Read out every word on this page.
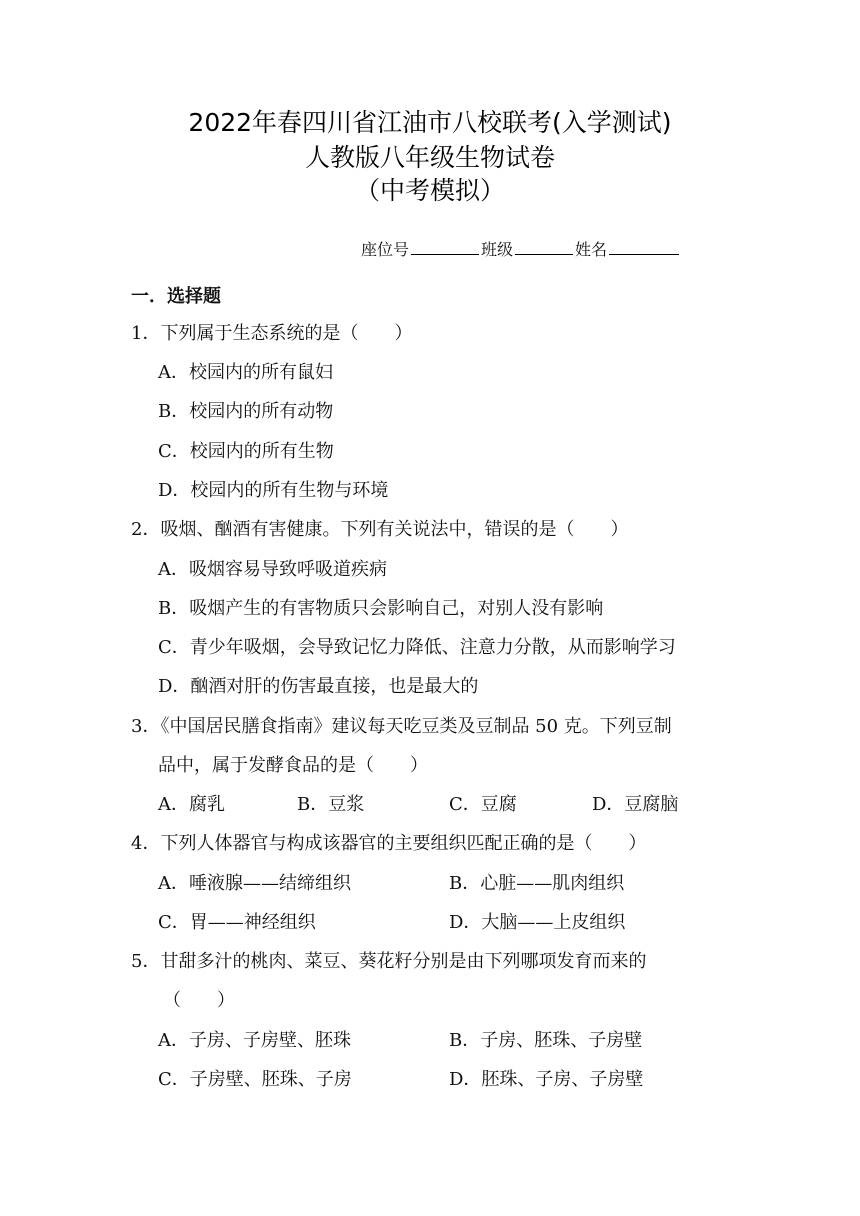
2022年春四川省江油市八校联考(入学测试)
人教版八年级生物试卷
（中考模拟）
座位号	班级	姓名
一．选择题
1．下列属于生态系统的是（　　）
A．校园内的所有鼠妇
B．校园内的所有动物
C．校园内的所有生物
D．校园内的所有生物与环境
2．吸烟、酗酒有害健康。下列有关说法中，错误的是（　　）
A．吸烟容易导致呼吸道疾病
B．吸烟产生的有害物质只会影响自己，对别人没有影响
C．青少年吸烟，会导致记忆力降低、注意力分散，从而影响学习
D．酗酒对肝的伤害最直接，也是最大的
3．《中国居民膳食指南》建议每天吃豆类及豆制品 50 克。下列豆制
品中，属于发酵食品的是（　　）
A．腐乳	B．豆浆	C．豆腐	D．豆腐脑
4．下列人体器官与构成该器官的主要组织匹配正确的是（　　）
A．唾液腺——结缔组织	B．心脏——肌肉组织
C．胃——神经组织	D．大脑——上皮组织
5．甘甜多汁的桃肉、菜豆、葵花籽分别是由下列哪项发育而来的
（　　）
A．子房、子房壁、胚珠	B．子房、胚珠、子房壁
C．子房壁、胚珠、子房	D．胚珠、子房、子房壁
